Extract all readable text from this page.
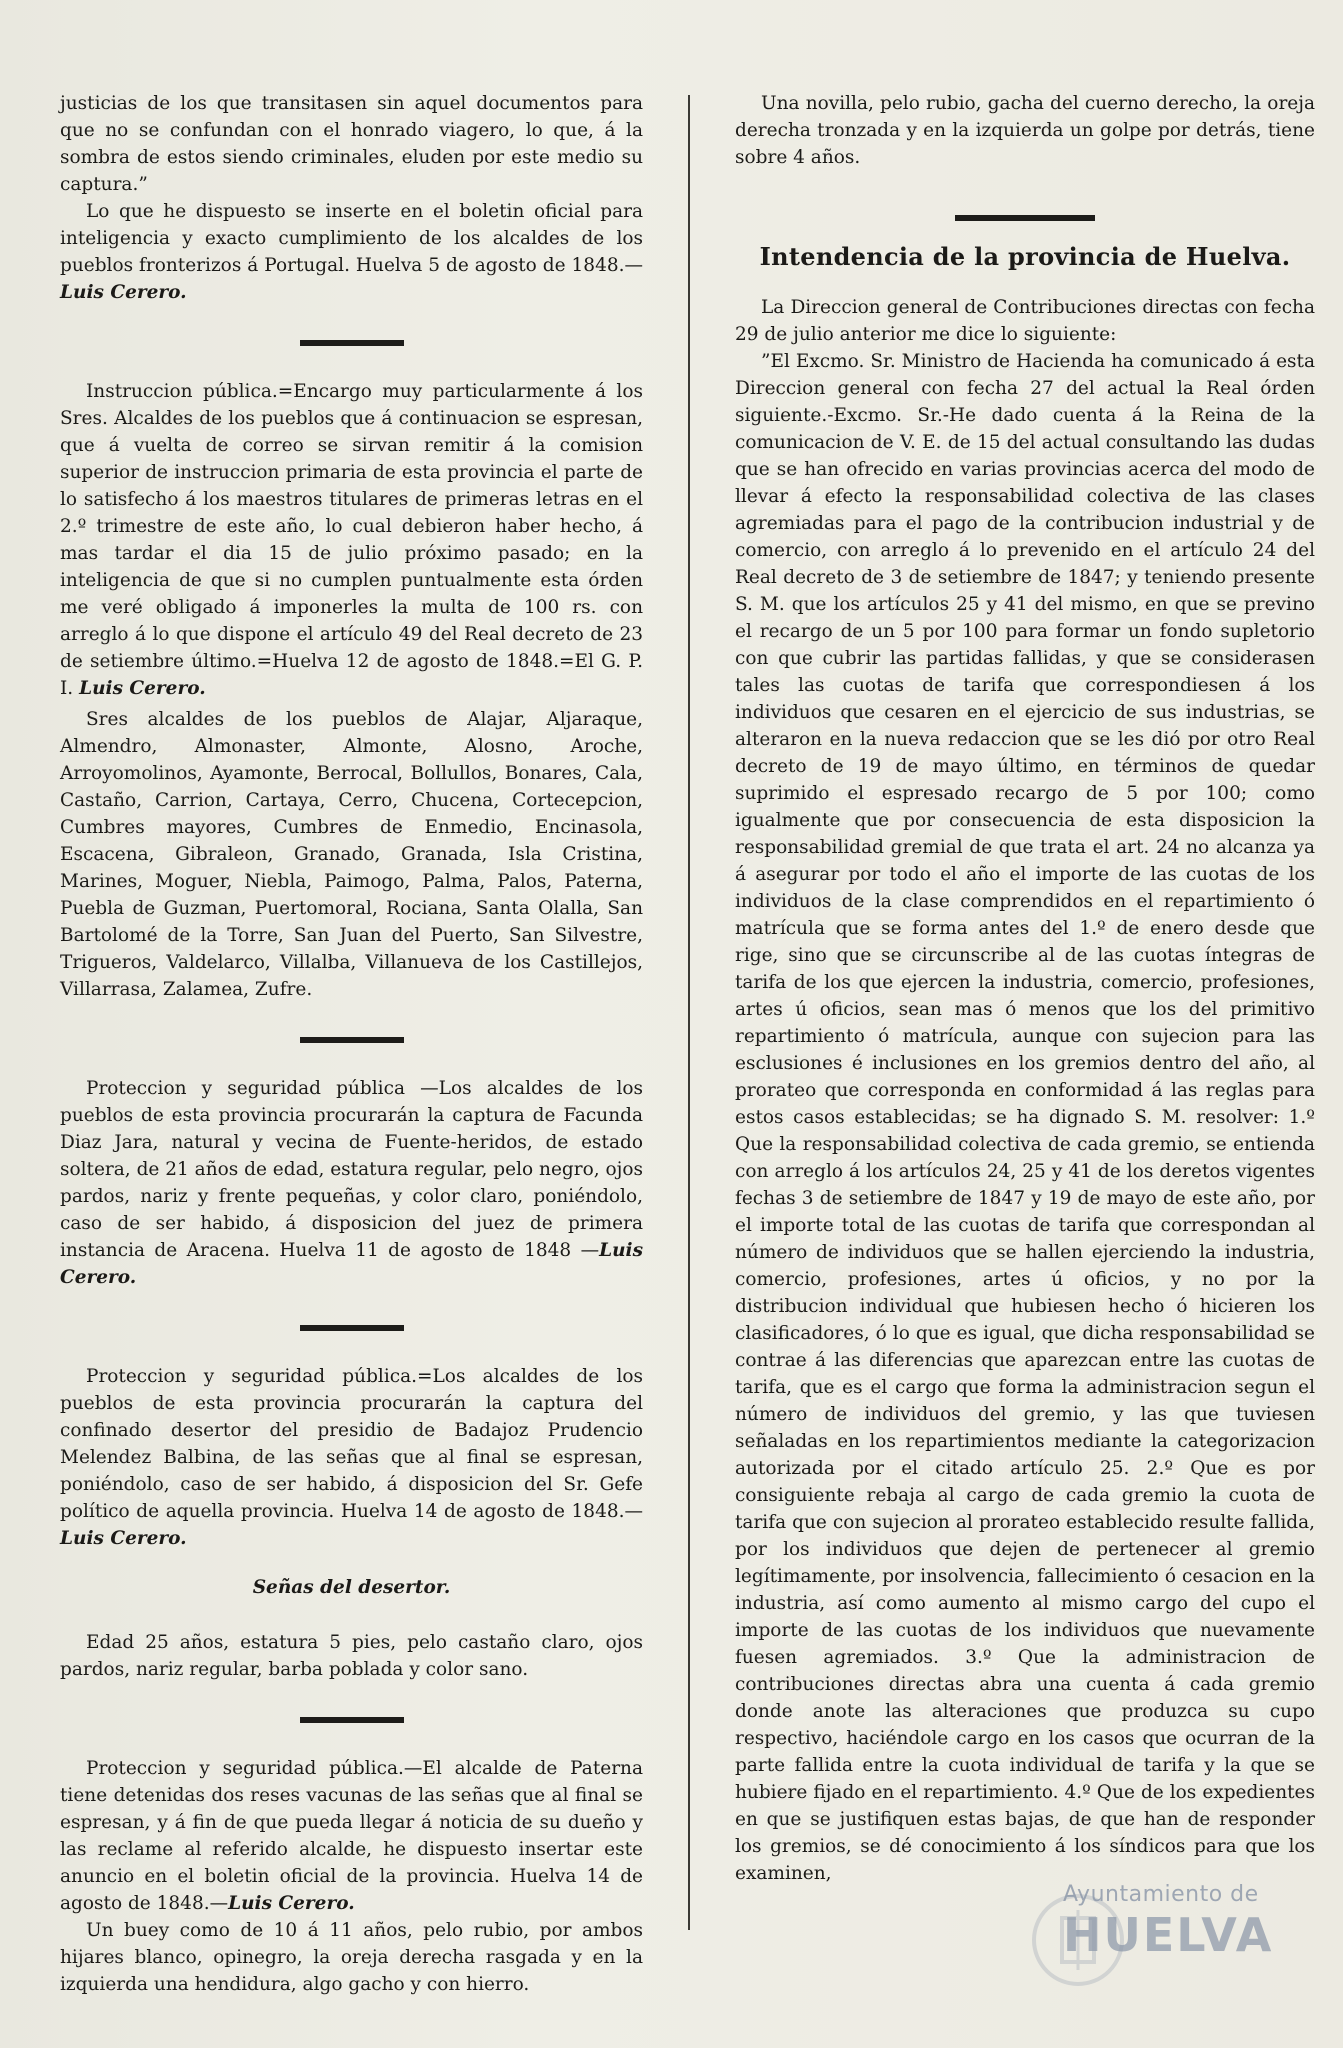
justicias de los que transitasen sin aquel documentos para que no se confundan con el honrado viagero, lo que, á la sombra de estos siendo criminales, eluden por este medio su captura.”

Lo que he dispuesto se inserte en el boletin oficial para inteligencia y exacto cumplimiento de los alcaldes de los pueblos fronterizos á Portugal. Huelva 5 de agosto de 1848.—Luis Cerero.

Instruccion pública.=Encargo muy particularmente á los Sres. Alcaldes de los pueblos que á continuacion se espresan, que á vuelta de correo se sirvan remitir á la comision superior de instruccion primaria de esta provincia el parte de lo satisfecho á los maestros titulares de primeras letras en el 2.º trimestre de este año, lo cual debieron haber hecho, á mas tardar el dia 15 de julio próximo pasado; en la inteligencia de que si no cumplen puntualmente esta órden me veré obligado á imponerles la multa de 100 rs. con arreglo á lo que dispone el artículo 49 del Real decreto de 23 de setiembre último.=Huelva 12 de agosto de 1848.=El G. P. I. Luis Cerero.

Sres alcaldes de los pueblos de Alajar, Aljaraque, Almendro, Almonaster, Almonte, Alosno, Aroche, Arroyomolinos, Ayamonte, Berrocal, Bollullos, Bonares, Cala, Castaño, Carrion, Cartaya, Cerro, Chucena, Cortecepcion, Cumbres mayores, Cumbres de Enmedio, Encinasola, Escacena, Gibraleon, Granado, Granada, Isla Cristina, Marines, Moguer, Niebla, Paimogo, Palma, Palos, Paterna, Puebla de Guzman, Puertomoral, Rociana, Santa Olalla, San Bartolomé de la Torre, San Juan del Puerto, San Silvestre, Trigueros, Valdelarco, Villalba, Villanueva de los Castillejos, Villarrasa, Zalamea, Zufre.

Proteccion y seguridad pública —Los alcaldes de los pueblos de esta provincia procurarán la captura de Facunda Diaz Jara, natural y vecina de Fuente-heridos, de estado soltera, de 21 años de edad, estatura regular, pelo negro, ojos pardos, nariz y frente pequeñas, y color claro, poniéndolo, caso de ser habido, á disposicion del juez de primera instancia de Aracena. Huelva 11 de agosto de 1848 —Luis Cerero.

Proteccion y seguridad pública.=Los alcaldes de los pueblos de esta provincia procurarán la captura del confinado desertor del presidio de Badajoz Prudencio Melendez Balbina, de las señas que al final se espresan, poniéndolo, caso de ser habido, á disposicion del Sr. Gefe político de aquella provincia. Huelva 14 de agosto de 1848.—Luis Cerero.

Señas del desertor.

Edad 25 años, estatura 5 pies, pelo castaño claro, ojos pardos, nariz regular, barba poblada y color sano.

Proteccion y seguridad pública.—El alcalde de Paterna tiene detenidas dos reses vacunas de las señas que al final se espresan, y á fin de que pueda llegar á noticia de su dueño y las reclame al referido alcalde, he dispuesto insertar este anuncio en el boletin oficial de la provincia. Huelva 14 de agosto de 1848.—Luis Cerero.

Un buey como de 10 á 11 años, pelo rubio, por ambos hijares blanco, opinegro, la oreja derecha rasgada y en la izquierda una hendidura, algo gacho y con hierro.

Una novilla, pelo rubio, gacha del cuerno derecho, la oreja derecha tronzada y en la izquierda un golpe por detrás, tiene sobre 4 años.

Intendencia de la provincia de Huelva.

La Direccion general de Contribuciones directas con fecha 29 de julio anterior me dice lo siguiente:

”El Excmo. Sr. Ministro de Hacienda ha comunicado á esta Direccion general con fecha 27 del actual la Real órden siguiente.-Excmo. Sr.-He dado cuenta á la Reina de la comunicacion de V. E. de 15 del actual consultando las dudas que se han ofrecido en varias provincias acerca del modo de llevar á efecto la responsabilidad colectiva de las clases agremiadas para el pago de la contribucion industrial y de comercio, con arreglo á lo prevenido en el artículo 24 del Real decreto de 3 de setiembre de 1847; y teniendo presente S. M. que los artículos 25 y 41 del mismo, en que se previno el recargo de un 5 por 100 para formar un fondo supletorio con que cubrir las partidas fallidas, y que se considerasen tales las cuotas de tarifa que correspondiesen á los individuos que cesaren en el ejercicio de sus industrias, se alteraron en la nueva redaccion que se les dió por otro Real decreto de 19 de mayo último, en términos de quedar suprimido el espresado recargo de 5 por 100; como igualmente que por consecuencia de esta disposicion la responsabilidad gremial de que trata el art. 24 no alcanza ya á asegurar por todo el año el importe de las cuotas de los individuos de la clase comprendidos en el repartimiento ó matrícula que se forma antes del 1.º de enero desde que rige, sino que se circunscribe al de las cuotas íntegras de tarifa de los que ejercen la industria, comercio, profesiones, artes ú oficios, sean mas ó menos que los del primitivo repartimiento ó matrícula, aunque con sujecion para las esclusiones é inclusiones en los gremios dentro del año, al prorateo que corresponda en conformidad á las reglas para estos casos establecidas; se ha dignado S. M. resolver: 1.º Que la responsabilidad colectiva de cada gremio, se entienda con arreglo á los artículos 24, 25 y 41 de los deretos vigentes fechas 3 de setiembre de 1847 y 19 de mayo de este año, por el importe total de las cuotas de tarifa que correspondan al número de individuos que se hallen ejerciendo la industria, comercio, profesiones, artes ú oficios, y no por la distribucion individual que hubiesen hecho ó hicieren los clasificadores, ó lo que es igual, que dicha responsabilidad se contrae á las diferencias que aparezcan entre las cuotas de tarifa, que es el cargo que forma la administracion segun el número de individuos del gremio, y las que tuviesen señaladas en los repartimientos mediante la categorizacion autorizada por el citado artículo 25. 2.º Que es por consiguiente rebaja al cargo de cada gremio la cuota de tarifa que con sujecion al prorateo establecido resulte fallida, por los individuos que dejen de pertenecer al gremio legítimamente, por insolvencia, fallecimiento ó cesacion en la industria, así como aumento al mismo cargo del cupo el importe de las cuotas de los individuos que nuevamente fuesen agremiados. 3.º Que la administracion de contribuciones directas abra una cuenta á cada gremio donde anote las alteraciones que produzca su cupo respectivo, haciéndole cargo en los casos que ocurran de la parte fallida entre la cuota individual de tarifa y la que se hubiere fijado en el repartimiento. 4.º Que de los expedientes en que se justifiquen estas bajas, de que han de responder los gremios, se dé conocimiento á los síndicos para que los examinen,

Ayuntamiento de
HUELVA
